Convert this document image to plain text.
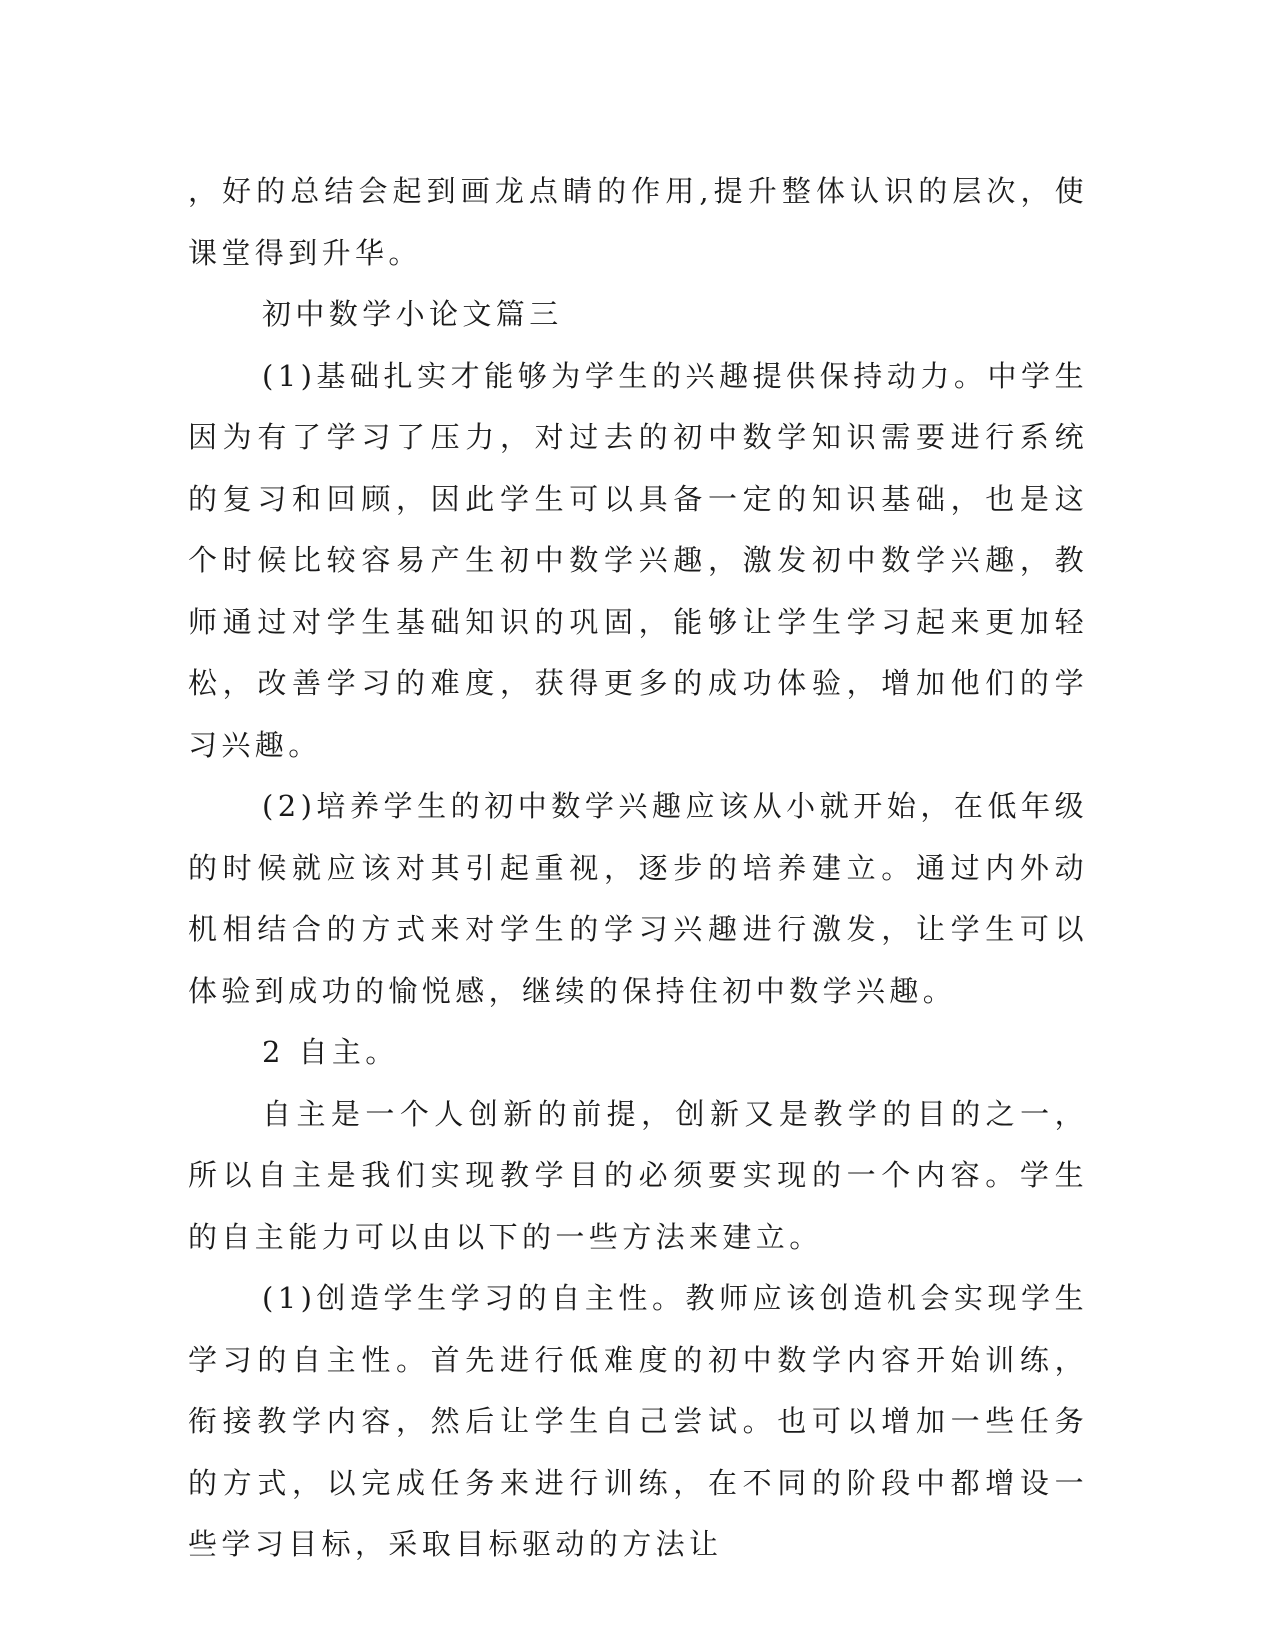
，好的总结会起到画龙点睛的作用,提升整体认识的层次，使课堂得到升华。

初中数学小论文篇三

(1)基础扎实才能够为学生的兴趣提供保持动力。中学生因为有了学习了压力，对过去的初中数学知识需要进行系统的复习和回顾，因此学生可以具备一定的知识基础，也是这个时候比较容易产生初中数学兴趣，激发初中数学兴趣，教师通过对学生基础知识的巩固，能够让学生学习起来更加轻松，改善学习的难度，获得更多的成功体验，增加他们的学习兴趣。

(2)培养学生的初中数学兴趣应该从小就开始，在低年级的时候就应该对其引起重视，逐步的培养建立。通过内外动机相结合的方式来对学生的学习兴趣进行激发，让学生可以体验到成功的愉悦感，继续的保持住初中数学兴趣。

2 自主。

自主是一个人创新的前提，创新又是教学的目的之一，所以自主是我们实现教学目的必须要实现的一个内容。学生的自主能力可以由以下的一些方法来建立。

(1)创造学生学习的自主性。教师应该创造机会实现学生学习的自主性。首先进行低难度的初中数学内容开始训练，衔接教学内容，然后让学生自己尝试。也可以增加一些任务的方式，以完成任务来进行训练，在不同的阶段中都增设一些学习目标，采取目标驱动的方法让
